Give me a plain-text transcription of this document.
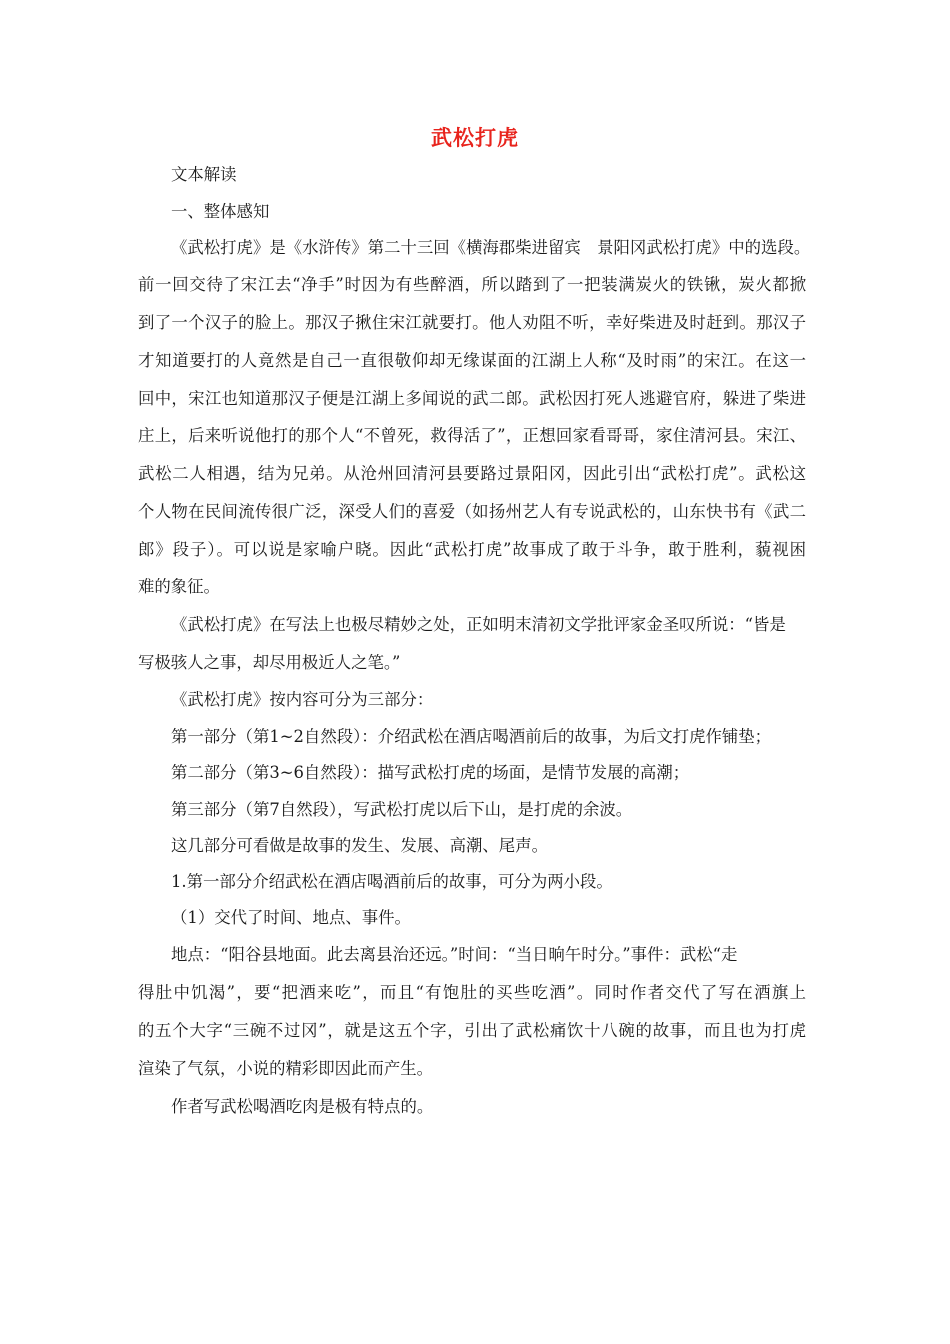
武松打虎
文本解读
一、整体感知
《武松打虎》是《水浒传》第二十三回《横海郡柴进留宾　景阳冈武松打虎》中的选段。
前一回交待了宋江去“净手”时因为有些醉酒，所以踏到了一把装满炭火的铁锹，炭火都掀
到了一个汉子的脸上。那汉子揪住宋江就要打。他人劝阻不听，幸好柴进及时赶到。那汉子
才知道要打的人竟然是自己一直很敬仰却无缘谋面的江湖上人称“及时雨”的宋江。在这一
回中，宋江也知道那汉子便是江湖上多闻说的武二郎。武松因打死人逃避官府，躲进了柴进
庄上，后来听说他打的那个人“不曾死，救得活了”，正想回家看哥哥，家住清河县。宋江、
武松二人相遇，结为兄弟。从沧州回清河县要路过景阳冈，因此引出“武松打虎”。武松这
个人物在民间流传很广泛，深受人们的喜爱（如扬州艺人有专说武松的，山东快书有《武二
郎》段子）。可以说是家喻户晓。因此“武松打虎”故事成了敢于斗争，敢于胜利，藐视困
难的象征。
《武松打虎》在写法上也极尽精妙之处，正如明末清初文学批评家金圣叹所说：“皆是
写极骇人之事，却尽用极近人之笔。”
《武松打虎》按内容可分为三部分：
第一部分（第1~2自然段）：介绍武松在酒店喝酒前后的故事，为后文打虎作铺垫；
第二部分（第3~6自然段）：描写武松打虎的场面，是情节发展的高潮；
第三部分（第7自然段），写武松打虎以后下山，是打虎的余波。
这几部分可看做是故事的发生、发展、高潮、尾声。
1.第一部分介绍武松在酒店喝酒前后的故事，可分为两小段。
（1）交代了时间、地点、事件。
地点：“阳谷县地面。此去离县治还远。”时间：“当日晌午时分。”事件：武松“走
得肚中饥渴”，要“把酒来吃”，而且“有饱肚的买些吃酒”。同时作者交代了写在酒旗上
的五个大字“三碗不过冈”，就是这五个字，引出了武松痛饮十八碗的故事，而且也为打虎
渲染了气氛，小说的精彩即因此而产生。
作者写武松喝酒吃肉是极有特点的。
